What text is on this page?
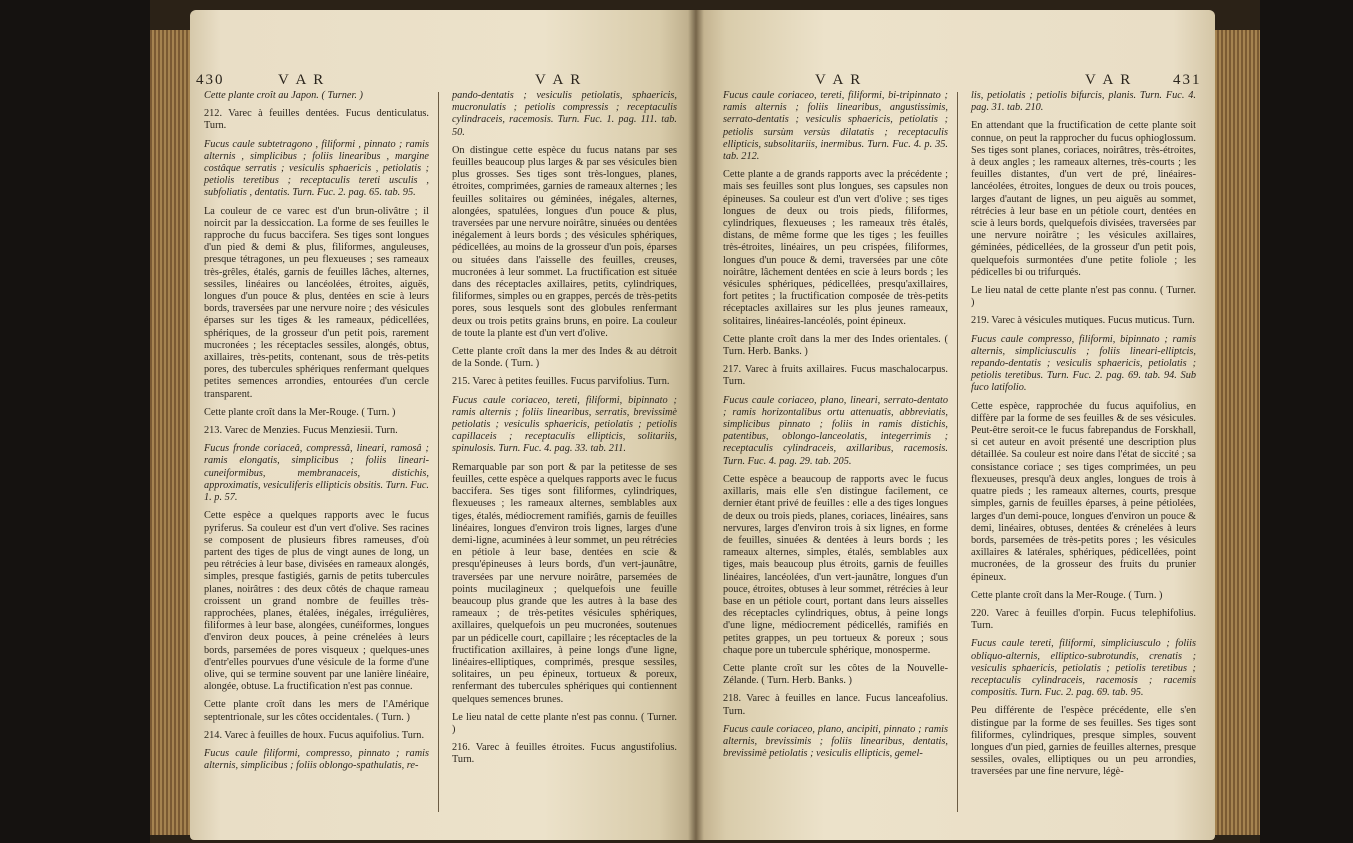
430	V A R	V A R

Cette plante croît au Japon. ( Turner. )

212. Varec à feuilles dentées. Fucus denticulatus. Turn.

Fucus caule subtetragono , filiformi , pinnato ; ramis alternis , simplicibus ; foliis linearibus , margine costâque serratis ; vesiculis sphaericis , petiolatis ; petiolis teretibus ; receptaculis tereti usculis , subfoliatis , dentatis. Turn. Fuc. 2. pag. 65. tab. 95.

La couleur de ce varec est d'un brun-olivâtre ; il noircit par la dessiccation. La forme de ses feuilles le rapproche du fucus baccifera. Ses tiges sont longues d'un pied & demi & plus, filiformes, anguleuses, presque tétragones, un peu flexueuses ; ses rameaux très-grêles, étalés, garnis de feuilles lâches, alternes, sessiles, linéaires ou lancéolées, étroites, aiguës, longues d'un pouce & plus, dentées en scie à leurs bords, traversées par une nervure noire ; des vésicules éparses sur les tiges & les rameaux, pédicellées, sphériques, de la grosseur d'un petit pois, rarement mucronées ; les réceptacles sessiles, alongés, obtus, axillaires, très-petits, contenant, sous de très-petits pores, des tubercules sphériques renfermant quelques petites semences arrondies, entourées d'un cercle transparent.

Cette plante croît dans la Mer-Rouge. ( Turn. )

213. Varec de Menzies. Fucus Menziesii. Turn.

Fucus fronde coriaceâ, compressâ, lineari, ramosâ ; ramis elongatis, simplicibus ; foliis lineari-cuneiformibus, membranaceis, distichis, approximatis, vesiculiferis ellipticis obsitis. Turn. Fuc. 1. p. 57.

Cette espèce a quelques rapports avec le fucus pyriferus. Sa couleur est d'un vert d'olive. Ses racines se composent de plusieurs fibres rameuses, d'où partent des tiges de plus de vingt aunes de long, un peu rétrécies à leur base, divisées en rameaux alongés, simples, presque fastigiés, garnis de petits tubercules planes, noirâtres : des deux côtés de chaque rameau croissent un grand nombre de feuilles très-rapprochées, planes, étalées, inégales, irrégulières, filiformes à leur base, alongées, cunéiformes, longues d'environ deux pouces, à peine crénelées à leurs bords, parsemées de pores visqueux ; quelques-unes d'entr'elles pourvues d'une vésicule de la forme d'une olive, qui se termine souvent par une lanière linéaire, alongée, obtuse. La fructification n'est pas connue.

Cette plante croît dans les mers de l'Amérique septentrionale, sur les côtes occidentales. ( Turn. )

214. Varec à feuilles de houx. Fucus aquifolius. Turn.

Fucus caule filiformi, compresso, pinnato ; ramis alternis, simplicibus ; foliis oblongo-spathulatis, re-

pando-dentatis ; vesiculis petiolatis, sphaericis, mucronulatis ; petiolis compressis ; receptaculis cylindraceis, racemosis. Turn. Fuc. 1. pag. 111. tab. 50.

On distingue cette espèce du fucus natans par ses feuilles beaucoup plus larges & par ses vésicules bien plus grosses. Ses tiges sont très-longues, planes, étroites, comprimées, garnies de rameaux alternes ; les feuilles solitaires ou géminées, inégales, alternes, alongées, spatulées, longues d'un pouce & plus, traversées par une nervure noirâtre, sinuées ou dentées inégalement à leurs bords ; des vésicules sphériques, pédicellées, au moins de la grosseur d'un pois, éparses ou situées dans l'aisselle des feuilles, creuses, mucronées à leur sommet. La fructification est située dans des réceptacles axillaires, petits, cylindriques, filiformes, simples ou en grappes, percés de très-petits pores, sous lesquels sont des globules renfermant deux ou trois petits grains bruns, en poire. La couleur de toute la plante est d'un vert d'olive.

Cette plante croît dans la mer des Indes & au détroit de la Sonde. ( Turn. )

215. Varec à petites feuilles. Fucus parvifolius. Turn.

Fucus caule coriaceo, tereti, filiformi, bipinnato ; ramis alternis ; foliis linearibus, serratis, brevissimè petiolatis ; vesiculis sphaericis, petiolatis ; petiolis capillaceis ; receptaculis ellipticis, solitariis, spinulosis. Turn. Fuc. 4. pag. 33. tab. 211.

Remarquable par son port & par la petitesse de ses feuilles, cette espèce a quelques rapports avec le fucus baccifera. Ses tiges sont filiformes, cylindriques, flexueuses ; les rameaux alternes, semblables aux tiges, étalés, médiocrement ramifiés, garnis de feuilles linéaires, longues d'environ trois lignes, larges d'une demi-ligne, acuminées à leur sommet, un peu rétrécies en pétiole à leur base, dentées en scie & presqu'épineuses à leurs bords, d'un vert-jaunâtre, traversées par une nervure noirâtre, parsemées de points mucilagineux ; quelquefois une feuille beaucoup plus grande que les autres à la base des rameaux ; de très-petites vésicules sphériques, axillaires, quelquefois un peu mucronées, soutenues par un pédicelle court, capillaire ; les réceptacles de la fructification axillaires, à peine longs d'une ligne, linéaires-elliptiques, comprimés, presque sessiles, solitaires, un peu épineux, tortueux & poreux, renfermant des tubercules sphériques qui contiennent quelques semences brunes.

Le lieu natal de cette plante n'est pas connu. ( Turner. )

216. Varec à feuilles étroites. Fucus angustifolius. Turn.

V A R	V A R	431

Fucus caule coriaceo, tereti, filiformi, bi-tripinnato ; ramis alternis ; foliis linearibus, angustissimis, serrato-dentatis ; vesiculis sphaericis, petiolatis ; petiolis sursùm versùs dilatatis ; receptaculis ellipticis, subsolitariis, inermibus. Turn. Fuc. 4. p. 35. tab. 212.

Cette plante a de grands rapports avec la précédente ; mais ses feuilles sont plus longues, ses capsules non épineuses. Sa couleur est d'un vert d'olive ; ses tiges longues de deux ou trois pieds, filiformes, cylindriques, flexueuses ; les rameaux très étalés, distans, de même forme que les tiges ; les feuilles très-étroites, linéaires, un peu crispées, filiformes, longues d'un pouce & demi, traversées par une côte noirâtre, lâchement dentées en scie à leurs bords ; les vésicules sphériques, pédicellées, presqu'axillaires, fort petites ; la fructification composée de très-petits réceptacles axillaires sur les plus jeunes rameaux, solitaires, linéaires-lancéolés, point épineux.

Cette plante croît dans la mer des Indes orientales. ( Turn. Herb. Banks. )

217. Varec à fruits axillaires. Fucus maschalocarpus. Turn.

Fucus caule coriaceo, plano, lineari, serrato-dentato ; ramis horizontalibus ortu attenuatis, abbreviatis, simplicibus pinnato ; foliis in ramis distichis, patentibus, oblongo-lanceolatis, integerrimis ; receptaculis cylindraceis, axillaribus, racemosis. Turn. Fuc. 4. pag. 29. tab. 205.

Cette espèce a beaucoup de rapports avec le fucus axillaris, mais elle s'en distingue facilement, ce dernier étant privé de feuilles : elle a des tiges longues de deux ou trois pieds, planes, coriaces, linéaires, sans nervures, larges d'environ trois à six lignes, en forme de feuilles, sinuées & dentées à leurs bords ; les rameaux alternes, simples, étalés, semblables aux tiges, mais beaucoup plus étroits, garnis de feuilles linéaires, lancéolées, d'un vert-jaunâtre, longues d'un pouce, étroites, obtuses à leur sommet, rétrécies à leur base en un pétiole court, portant dans leurs aisselles des réceptacles cylindriques, obtus, à peine longs d'une ligne, médiocrement pédicellés, ramifiés en petites grappes, un peu tortueux & poreux ; sous chaque pore un tubercule sphérique, monosperme.

Cette plante croît sur les côtes de la Nouvelle-Zélande. ( Turn. Herb. Banks. )

218. Varec à feuilles en lance. Fucus lanceafolius. Turn.

Fucus caule coriaceo, plano, ancipiti, pinnato ; ramis alternis, brevissimis ; foliis linearibus, dentatis, brevissimè petiolatis ; vesiculis ellipticis, gemel-

lis, petiolatis ; petiolis bifurcis, planis. Turn. Fuc. 4. pag. 31. tab. 210.

En attendant que la fructification de cette plante soit connue, on peut la rapprocher du fucus ophioglossum. Ses tiges sont planes, coriaces, noirâtres, très-étroites, à deux angles ; les rameaux alternes, très-courts ; les feuilles distantes, d'un vert de pré, linéaires-lancéolées, étroites, longues de deux ou trois pouces, larges d'autant de lignes, un peu aiguës au sommet, rétrécies à leur base en un pétiole court, dentées en scie à leurs bords, quelquefois divisées, traversées par une nervure noirâtre ; les vésicules axillaires, géminées, pédicellées, de la grosseur d'un petit pois, quelquefois surmontées d'une petite foliole ; les pédicelles bi ou trifurqués.

Le lieu natal de cette plante n'est pas connu. ( Turner. )

219. Varec à vésicules mutiques. Fucus muticus. Turn.

Fucus caule compresso, filiformi, bipinnato ; ramis alternis, simpliciusculis ; foliis lineari-elliptcis, repando-dentatis ; vesiculis sphaericis, petiolatis ; petiolis teretibus. Turn. Fuc. 2. pag. 69. tab. 94. Sub fuco latifolio.

Cette espèce, rapprochée du fucus aquifolius, en diffère par la forme de ses feuilles & de ses vésicules. Peut-être seroit-ce le fucus fabrepandus de Forskhall, si cet auteur en avoit présenté une description plus détaillée. Sa couleur est noire dans l'état de siccité ; sa consistance coriace ; ses tiges comprimées, un peu flexueuses, presqu'à deux angles, longues de trois à quatre pieds ; les rameaux alternes, courts, presque simples, garnis de feuilles éparses, à peine pétiolées, larges d'un demi-pouce, longues d'environ un pouce & demi, linéaires, obtuses, dentées & crénelées à leurs bords, parsemées de très-petits pores ; les vésicules axillaires & latérales, sphériques, pédicellées, point mucronées, de la grosseur des fruits du prunier épineux.

Cette plante croît dans la Mer-Rouge. ( Turn. )

220. Varec à feuilles d'orpin. Fucus telephifolius. Turn.

Fucus caule tereti, filiformi, simpliciusculo ; foliis obliquo-alternis, elliptico-subrotundis, crenatis ; vesiculis sphaericis, petiolatis ; petiolis teretibus ; receptaculis cylindraceis, racemosis ; racemis compositis. Turn. Fuc. 2. pag. 69. tab. 95.

Peu différente de l'espèce précédente, elle s'en distingue par la forme de ses feuilles. Ses tiges sont filiformes, cylindriques, presque simples, souvent longues d'un pied, garnies de feuilles alternes, presque sessiles, ovales, elliptiques ou un peu arrondies, traversées par une fine nervure, légè-
